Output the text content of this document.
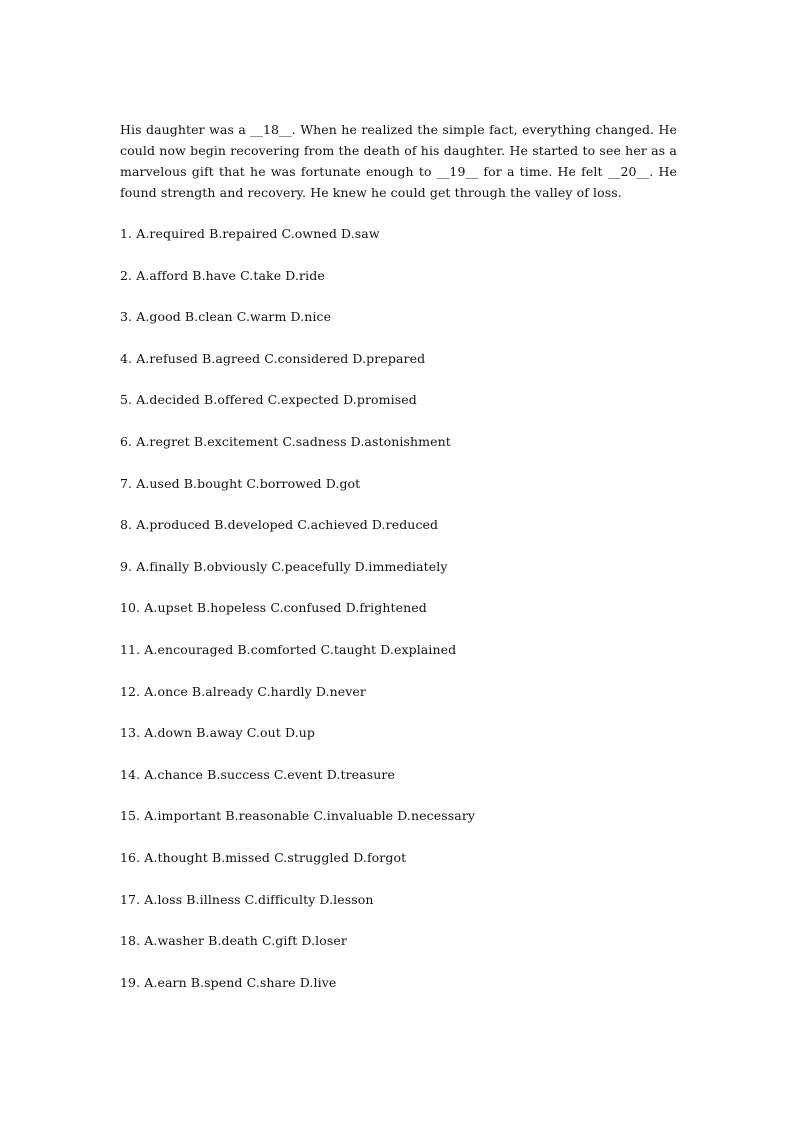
His daughter was a __18__. When he realized the simple fact, everything changed. He could now begin recovering from the death of his daughter. He started to see her as a marvelous gift that he was fortunate enough to __19__ for a time. He felt __20__. He found strength and recovery. He knew he could get through the valley of loss.

1. A.required B.repaired C.owned D.saw
2. A.afford B.have C.take D.ride
3. A.good B.clean C.warm D.nice
4. A.refused B.agreed C.considered D.prepared
5. A.decided B.offered C.expected D.promised
6. A.regret B.excitement C.sadness D.astonishment
7. A.used B.bought C.borrowed D.got
8. A.produced B.developed C.achieved D.reduced
9. A.finally B.obviously C.peacefully D.immediately
10. A.upset B.hopeless C.confused D.frightened
11. A.encouraged B.comforted C.taught D.explained
12. A.once B.already C.hardly D.never
13. A.down B.away C.out D.up
14. A.chance B.success C.event D.treasure
15. A.important B.reasonable C.invaluable D.necessary
16. A.thought B.missed C.struggled D.forgot
17. A.loss B.illness C.difficulty D.lesson
18. A.washer B.death C.gift D.loser
19. A.earn B.spend C.share D.live
